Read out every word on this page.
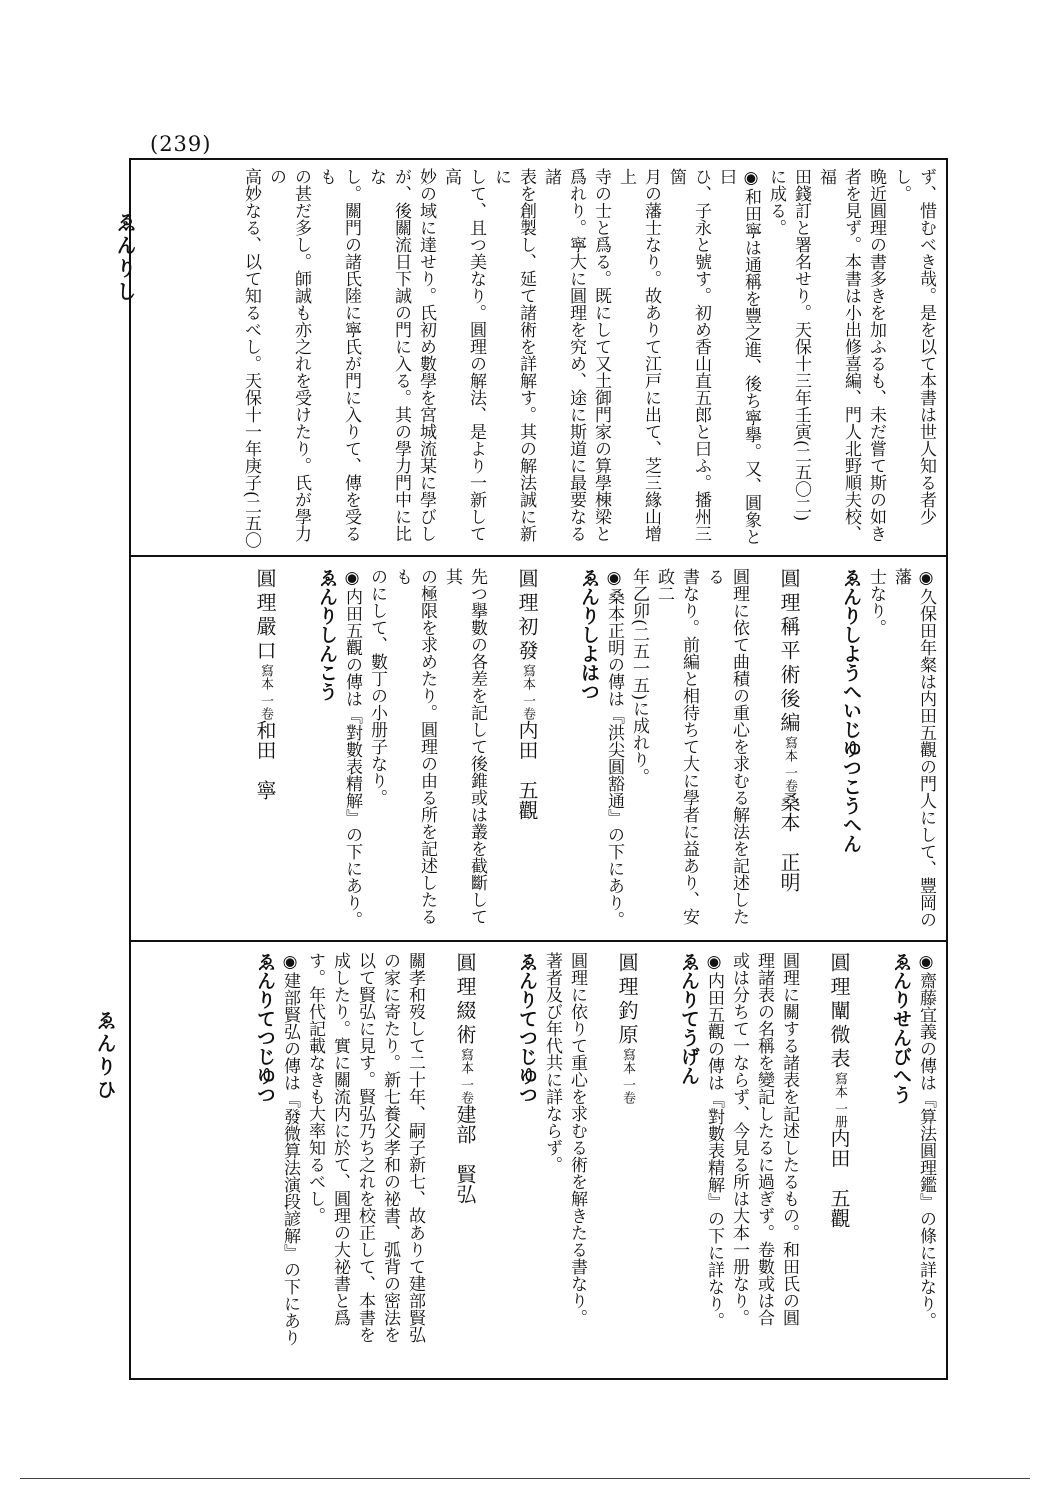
(239)
ゑんりし
ゑんりひ
ず、惜むべき哉。是を以て本書は世人知る者少し。
晩近圓理の書多きを加ふるも、未だ嘗て斯の如き
者を見ず。本書は小出修喜編、門人北野順夫校、福
田錢訂と署名せり。天保十三年壬寅(二五〇二)
に成る。
◉和田寧は通稱を豐之進、後ち寧擧。又、圓象と曰
ひ、子永と號す。初め香山直五郎と曰ふ。播州三箇
月の藩士なり。故ありて江戸に出て、芝三緣山增上
寺の士と爲る。既にして又土御門家の算學棟梁と
爲れり。寧大に圓理を究め、途に斯道に最要なる諸
表を創製し、延て諸術を詳解す。其の解法誠に新に
して、且つ美なり。圓理の解法、是より一新して高
妙の域に達せり。氏初め數學を宮城流某に學びし
が、後關流日下誠の門に入る。其の學力門中に比な
し。關門の諸氏陸に寧氏が門に入りて、傳を受るも
の甚だ多し。師誠も亦之れを受けたり。氏が學力の
高妙なる、以て知るべし。天保十一年庚子(二五〇
◉久保田年粲は内田五觀の門人にして、豐岡の藩
士なり。
ゑんりしようへいじゆつこうへん
圓理稱平術後編寫本 一卷桑本　正明
圓理に依て曲積の重心を求むる解法を記述したる
書なり。前編と相待ちて大に學者に益あり、安政二
年乙卯(二五一五)に成れり。
◉桑本正明の傳は『洪尖圓豁通』の下にあり。
ゑんりしよはつ
圓理初發寫本 一卷内田　五觀
先つ擧數の各差を記して後錐或は叢を截斷して其
の極限を求めたり。圓理の由る所を記述したるも
のにして、數丁の小册子なり。
◉内田五觀の傳は『對數表精解』の下にあり。
ゑんりしんこう
圓理嚴口寫本 一卷和田　寧
◉齋藤宜義の傳は『算法圓理鑑』の條に詳なり。
ゑんりせんびへう
圓理闡微表寫本 一册内田　五觀
圓理に關する諸表を記述したるもの。和田氏の圓
理諸表の名稱を變記したるに過ぎず。卷數或は合
或は分ちて一ならず、今見る所は大本一册なり。
◉内田五觀の傳は『對數表精解』の下に詳なり。
ゑんりてうげん
圓理釣原寫本 一卷
圓理に依りて重心を求むる術を解きたる書なり。
著者及び年代共に詳ならず。
ゑんりてつじゆつ
圓理綴術寫本 一卷建部　賢弘
關孝和歿して二十年、嗣子新七、故ありて建部賢弘
の家に寄たり。新七養父孝和の祕書、弧背の密法を
以て賢弘に見す。賢弘乃ち之れを校正して、本書を
成したり。實に關流内に於て、圓理の大祕書と爲
す。年代記載なきも大率知るべし。
◉建部賢弘の傳は『發微算法演段諺解』の下にあり
ゑんりてつじゆつ
